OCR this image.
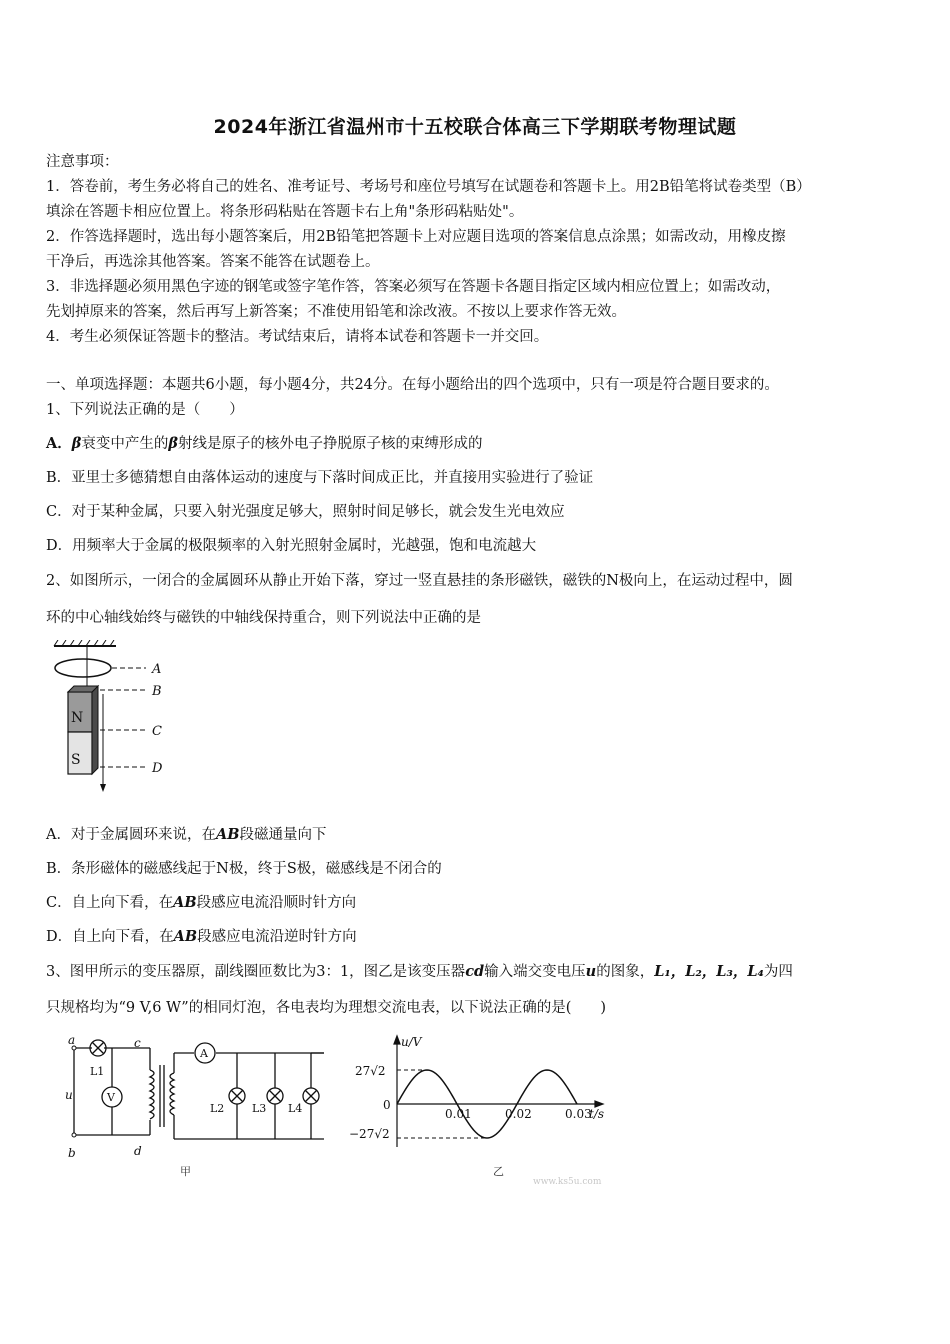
2024年浙江省温州市十五校联合体高三下学期联考物理试题
注意事项：
1．答卷前，考生务必将自己的姓名、准考证号、考场号和座位号填写在试题卷和答题卡上。用2B铅笔将试卷类型（B）
填涂在答题卡相应位置上。将条形码粘贴在答题卡右上角"条形码粘贴处"。
2．作答选择题时，选出每小题答案后，用2B铅笔把答题卡上对应题目选项的答案信息点涂黑；如需改动，用橡皮擦
干净后，再选涂其他答案。答案不能答在试题卷上。
3．非选择题必须用黑色字迹的钢笔或签字笔作答，答案必须写在答题卡各题目指定区域内相应位置上；如需改动，
先划掉原来的答案，然后再写上新答案；不准使用铅笔和涂改液。不按以上要求作答无效。
4．考生必须保证答题卡的整洁。考试结束后，请将本试卷和答题卡一并交回。
一、单项选择题：本题共6小题，每小题4分，共24分。在每小题给出的四个选项中，只有一项是符合题目要求的。
1、下列说法正确的是（　　）
A．β衰变中产生的β射线是原子的核外电子挣脱原子核的束缚形成的
B．亚里士多德猜想自由落体运动的速度与下落时间成正比，并直接用实验进行了验证
C．对于某种金属，只要入射光强度足够大，照射时间足够长，就会发生光电效应
D．用频率大于金属的极限频率的入射光照射金属时，光越强，饱和电流越大
2、如图所示，一闭合的金属圆环从静止开始下落，穿过一竖直悬挂的条形磁铁，磁铁的N极向上，在运动过程中，圆
环的中心轴线始终与磁铁的中轴线保持重合，则下列说法中正确的是
N
S
A
B
C
D
A．对于金属圆环来说，在AB段磁通量向下
B．条形磁体的磁感线起于N极，终于S极，磁感线是不闭合的
C．自上向下看，在AB段感应电流沿顺时针方向
D．自上向下看，在AB段感应电流沿逆时针方向
3、图甲所示的变压器原，副线圈匝数比为3：1，图乙是该变压器cd输入端交变电压u的图象，L₁，L₂，L₃，L₄为四
只规格均为“9 V,6 W”的相同灯泡，各电表均为理想交流电表，以下说法正确的是(　　)
a
b
c
d
u
L1
V
A
L2	L3 L4
甲
u/V
t/s
27√2
0
−27√2
0.01	0.02	0.03
乙
www.ks5u.com
